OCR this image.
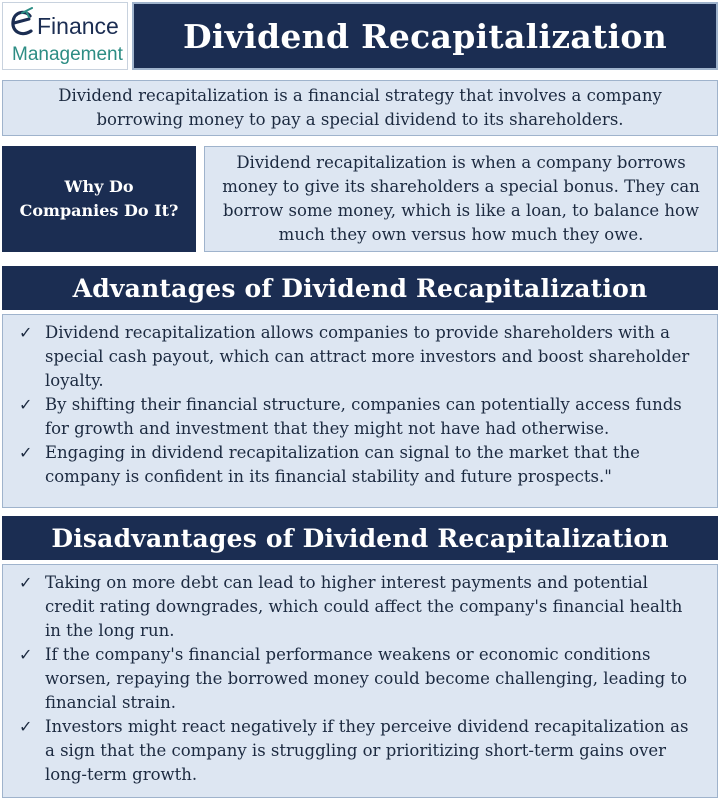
Finance
Management	Dividend Recapitalization
Dividend recapitalization is a financial strategy that involves a company borrowing money to pay a special dividend to its shareholders.
Why Do Companies Do It?
Dividend recapitalization is when a company borrows money to give its shareholders a special bonus. They can borrow some money, which is like a loan, to balance how much they own versus how much they owe.
Advantages of Dividend Recapitalization
✓ Dividend recapitalization allows companies to provide shareholders with a special cash payout, which can attract more investors and boost shareholder loyalty.
✓ By shifting their financial structure, companies can potentially access funds for growth and investment that they might not have had otherwise.
✓ Engaging in dividend recapitalization can signal to the market that the company is confident in its financial stability and future prospects."
Disadvantages of Dividend Recapitalization
✓ Taking on more debt can lead to higher interest payments and potential credit rating downgrades, which could affect the company's financial health in the long run.
✓ If the company's financial performance weakens or economic conditions worsen, repaying the borrowed money could become challenging, leading to financial strain.
✓ Investors might react negatively if they perceive dividend recapitalization as a sign that the company is struggling or prioritizing short-term gains over long-term growth.
